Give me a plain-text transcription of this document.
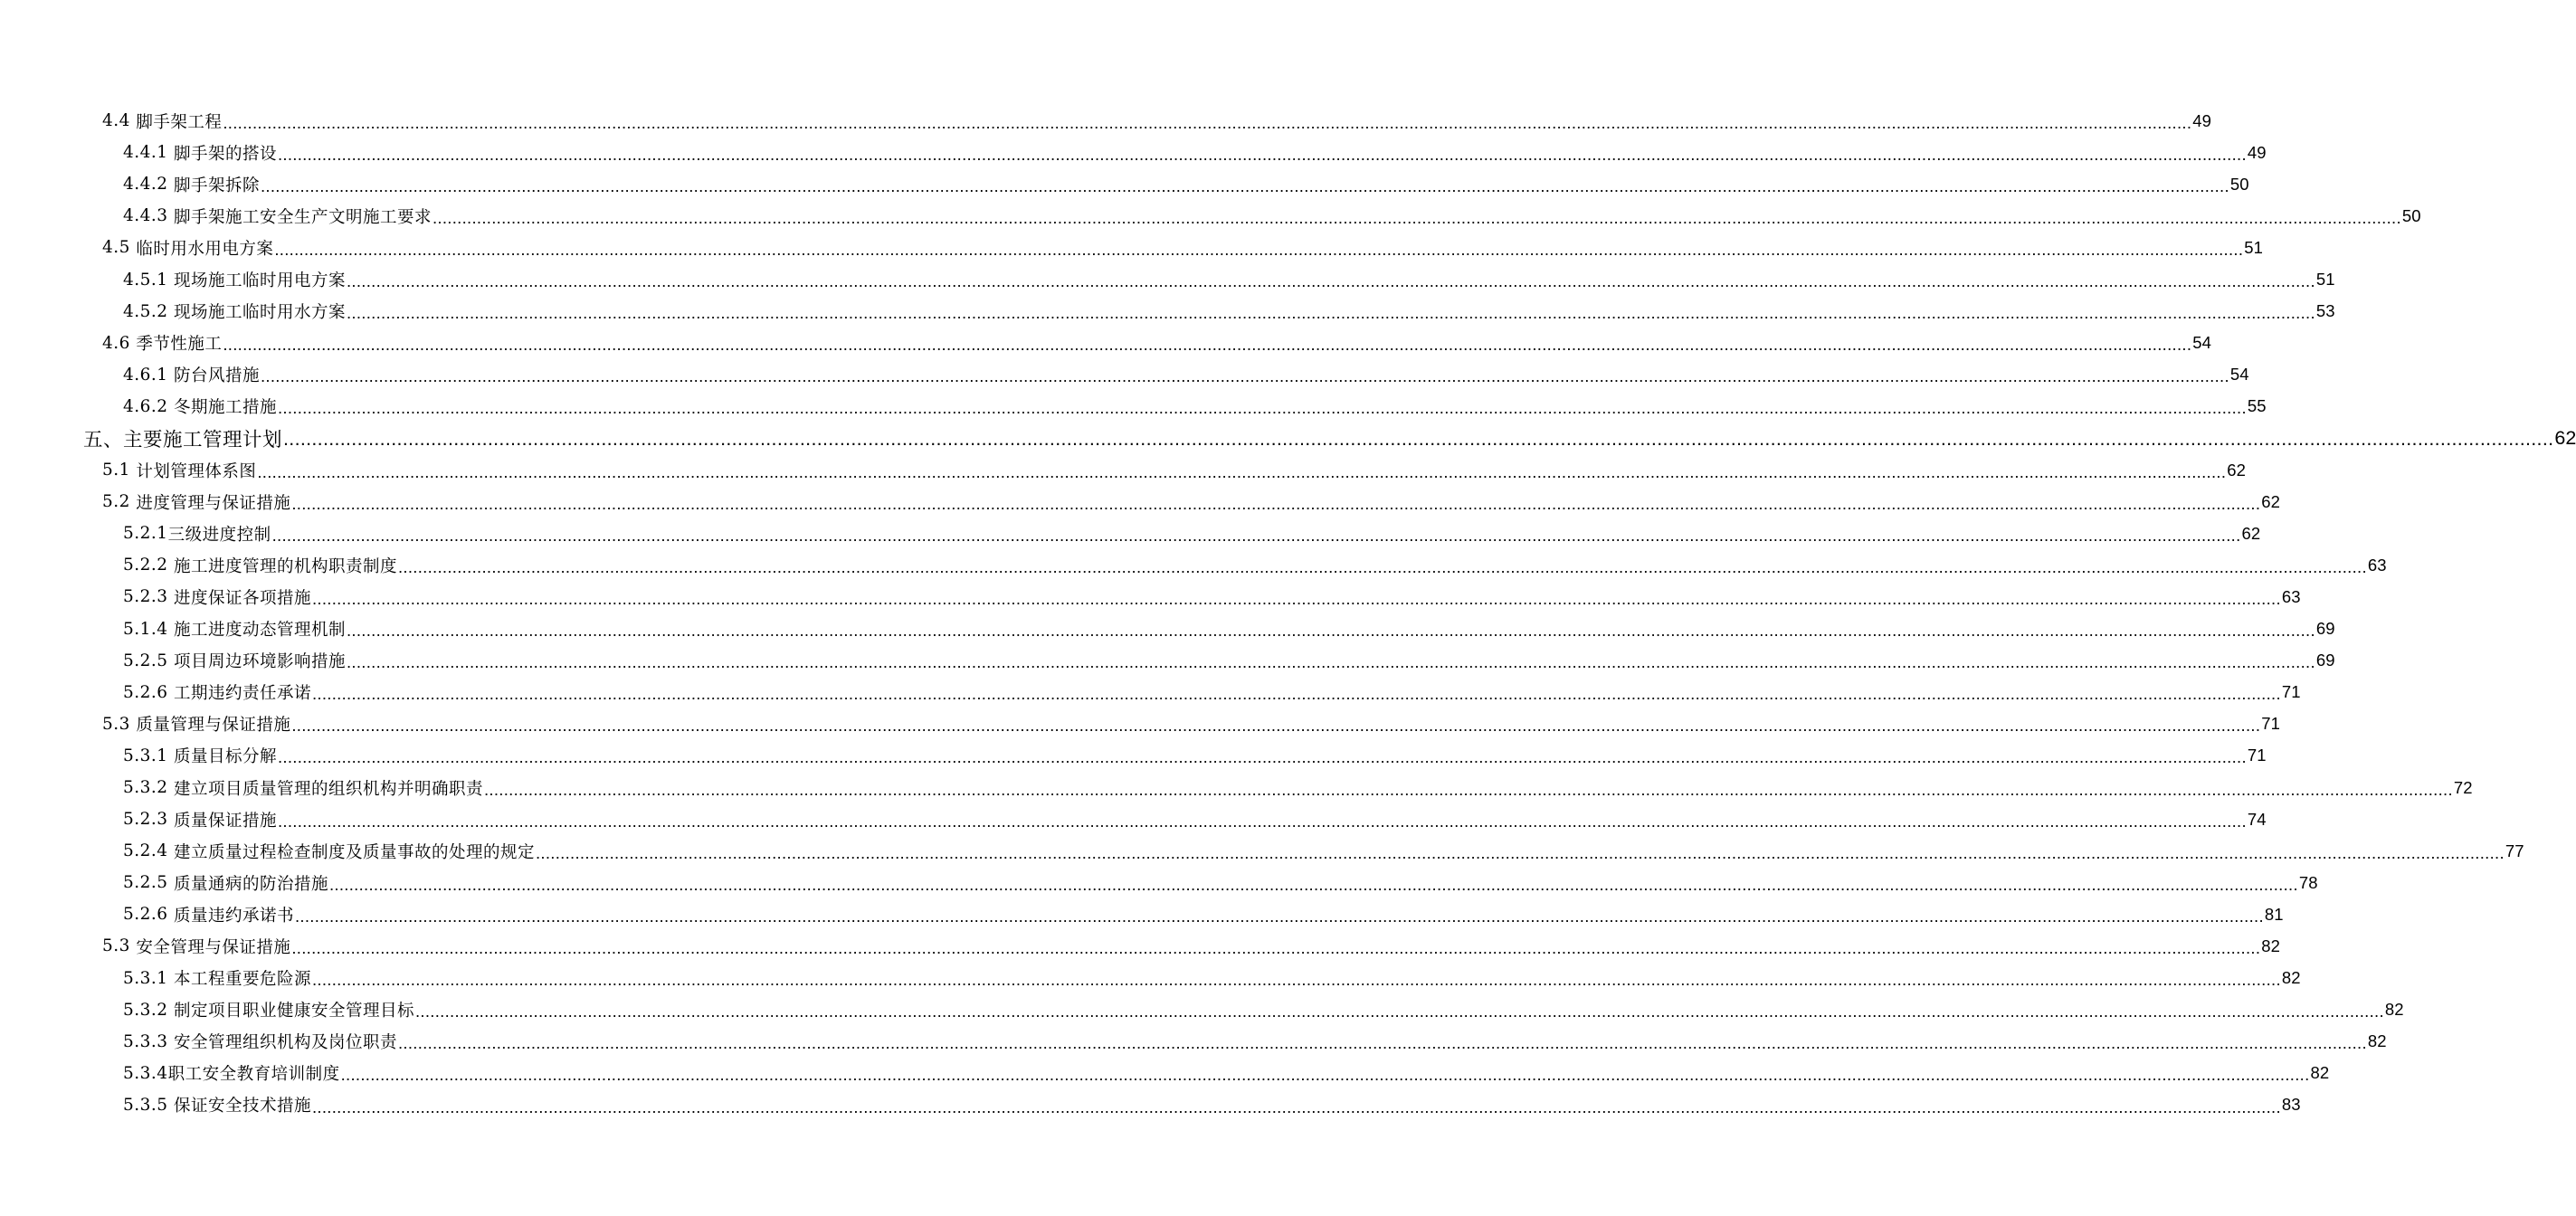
4.4 脚手架工程 ................................................................................................................................................................................................................................................................................................................................................................................................................ 49
4.4.1 脚手架的搭设 ................................................................................................................................................................................................................................................................................................................................................................................................................ 49
4.4.2 脚手架拆除 ................................................................................................................................................................................................................................................................................................................................................................................................................ 50
4.4.3 脚手架施工安全生产文明施工要求 ................................................................................................................................................................................................................................................................................................................................................................................................................ 50
4.5 临时用水用电方案 ................................................................................................................................................................................................................................................................................................................................................................................................................ 51
4.5.1 现场施工临时用电方案 ................................................................................................................................................................................................................................................................................................................................................................................................................ 51
4.5.2 现场施工临时用水方案 ................................................................................................................................................................................................................................................................................................................................................................................................................ 53
4.6 季节性施工 ................................................................................................................................................................................................................................................................................................................................................................................................................ 54
4.6.1 防台风措施 ................................................................................................................................................................................................................................................................................................................................................................................................................ 54
4.6.2 冬期施工措施 ................................................................................................................................................................................................................................................................................................................................................................................................................ 55
五、 主要施工管理计划 ................................................................................................................................................................................................................................................................................................................................................................................................................ 62
5.1 计划管理体系图 ................................................................................................................................................................................................................................................................................................................................................................................................................ 62
5.2 进度管理与保证措施 ................................................................................................................................................................................................................................................................................................................................................................................................................ 62
5.2.1 三级进度控制 ................................................................................................................................................................................................................................................................................................................................................................................................................ 62
5.2.2 施工进度管理的机构职责制度 ................................................................................................................................................................................................................................................................................................................................................................................................................ 63
5.2.3 进度保证各项措施 ................................................................................................................................................................................................................................................................................................................................................................................................................ 63
5.1.4 施工进度动态管理机制 ................................................................................................................................................................................................................................................................................................................................................................................................................ 69
5.2.5 项目周边环境影响措施 ................................................................................................................................................................................................................................................................................................................................................................................................................ 69
5.2.6 工期违约责任承诺 ................................................................................................................................................................................................................................................................................................................................................................................................................ 71
5.3 质量管理与保证措施 ................................................................................................................................................................................................................................................................................................................................................................................................................ 71
5.3.1 质量目标分解 ................................................................................................................................................................................................................................................................................................................................................................................................................ 71
5.3.2 建立项目质量管理的组织机构并明确职责 ................................................................................................................................................................................................................................................................................................................................................................................................................ 72
5.2.3 质量保证措施 ................................................................................................................................................................................................................................................................................................................................................................................................................ 74
5.2.4 建立质量过程检查制度及质量事故的处理的规定 ................................................................................................................................................................................................................................................................................................................................................................................................................ 77
5.2.5 质量通病的防治措施 ................................................................................................................................................................................................................................................................................................................................................................................................................ 78
5.2.6 质量违约承诺书 ................................................................................................................................................................................................................................................................................................................................................................................................................ 81
5.3 安全管理与保证措施 ................................................................................................................................................................................................................................................................................................................................................................................................................ 82
5.3.1 本工程重要危险源 ................................................................................................................................................................................................................................................................................................................................................................................................................ 82
5.3.2 制定项目职业健康安全管理目标 ................................................................................................................................................................................................................................................................................................................................................................................................................ 82
5.3.3 安全管理组织机构及岗位职责 ................................................................................................................................................................................................................................................................................................................................................................................................................ 82
5.3.4 职工安全教育培训制度 ................................................................................................................................................................................................................................................................................................................................................................................................................ 82
5.3.5 保证安全技术措施 ................................................................................................................................................................................................................................................................................................................................................................................................................ 83
